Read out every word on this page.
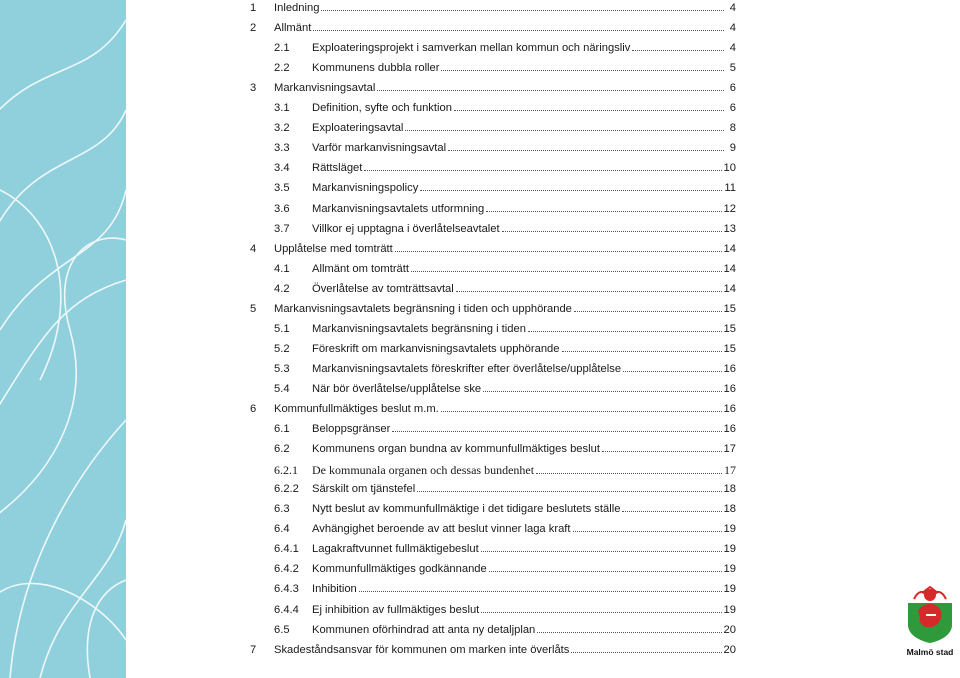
1	Inledning	4
2	Allmänt	4
2.1	Exploateringsprojekt i samverkan mellan kommun och näringsliv	4
2.2	Kommunens dubbla roller	5
3	Markanvisningsavtal	6
3.1	Definition, syfte och funktion	6
3.2	Exploateringsavtal	8
3.3	Varför markanvisningsavtal	9
3.4	Rättsläget	10
3.5	Markanvisningspolicy	11
3.6	Markanvisningsavtalets utformning	12
3.7	Villkor ej upptagna i överlåtelseavtalet	13
4	Upplåtelse med tomträtt	14
4.1	Allmänt om tomträtt	14
4.2	Överlåtelse av tomträttsavtal	14
5	Markanvisningsavtalets begränsning i tiden och upphörande	15
5.1	Markanvisningsavtalets begränsning i tiden	15
5.2	Föreskrift om markanvisningsavtalets upphörande	15
5.3	Markanvisningsavtalets föreskrifter efter överlåtelse/upplåtelse	16
5.4	När bör överlåtelse/upplåtelse ske	16
6	Kommunfullmäktiges beslut m.m.	16
6.1	Beloppsgränser	16
6.2	Kommunens organ bundna av kommunfullmäktiges beslut	17
6.2.1	De kommunala organen och dessas bundenhet	17
6.2.2	Särskilt om tjänstefel	18
6.3	Nytt beslut av kommunfullmäktige i det tidigare beslutets ställe	18
6.4	Avhängighet beroende av att beslut vinner laga kraft	19
6.4.1	Lagakraftvunnet fullmäktigebeslut	19
6.4.2	Kommunfullmäktiges godkännande	19
6.4.3	Inhibition	19
6.4.4	Ej inhibition av fullmäktiges beslut	19
6.5	Kommunen oförhindrad att anta ny detaljplan	20
7	Skadeståndsansvar för kommunen om marken inte överlåts	20	Malmö stad
